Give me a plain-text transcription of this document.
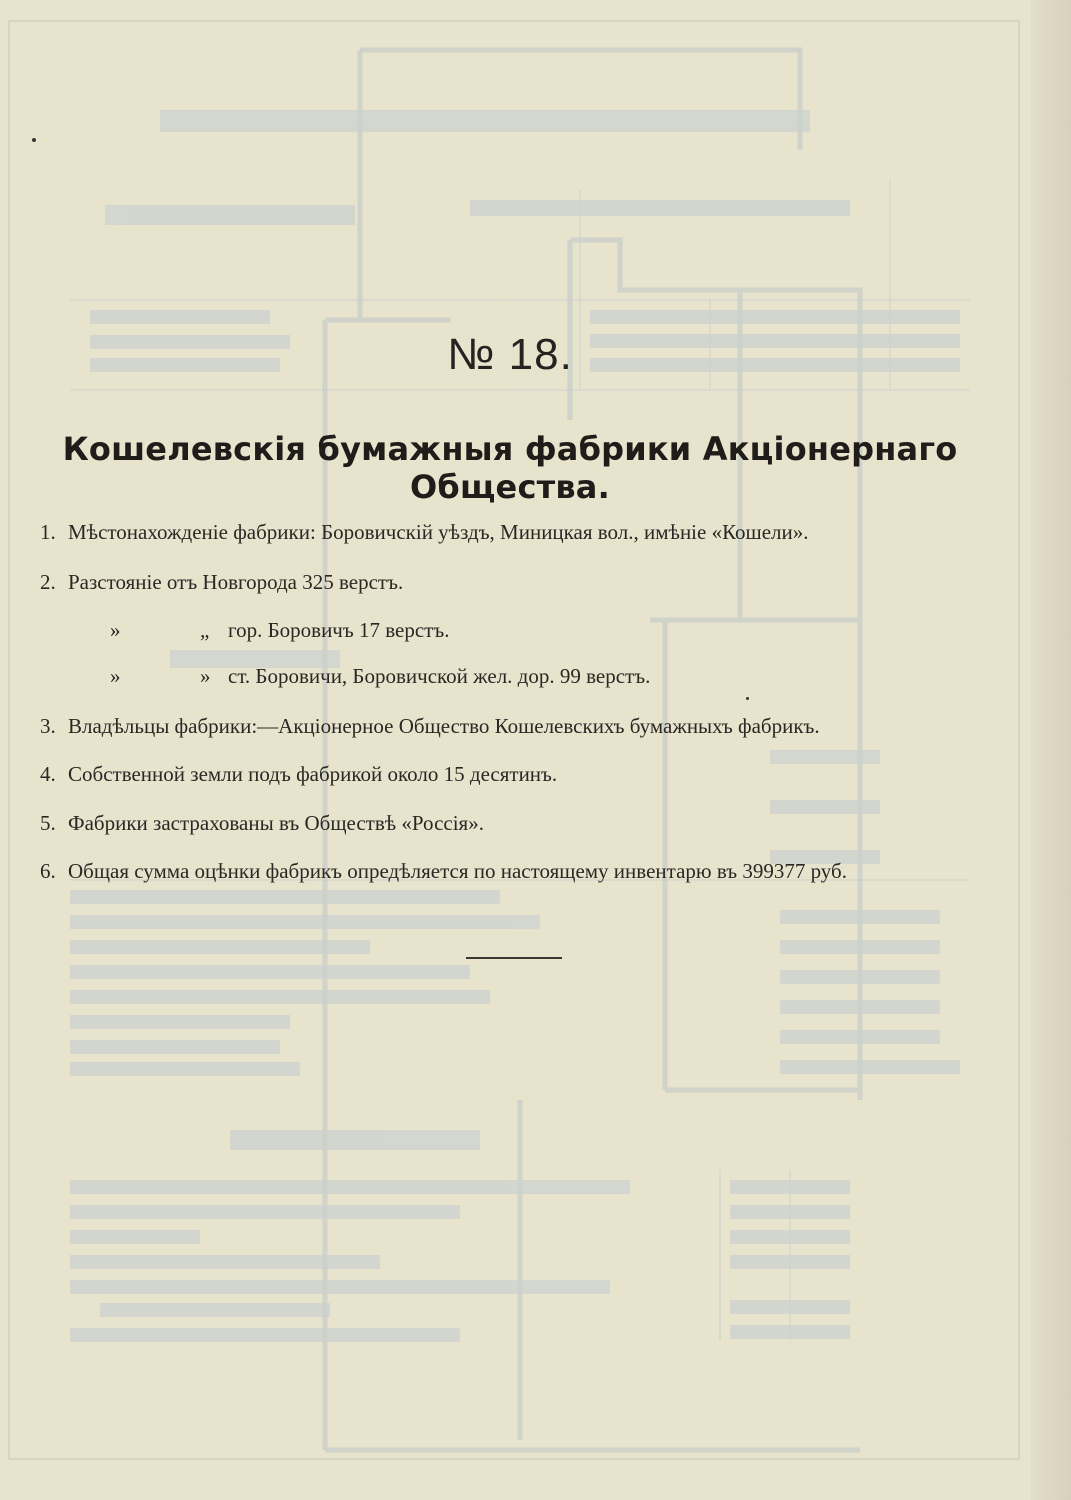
№ 18.
Кошелевскія бумажныя фабрики Акціонернаго Общества.
1. Мѣстонахожденіе фабрики: Боровичскій уѣздъ, Миницкая вол., имѣніе «Кошели».
2. Разстояніе отъ Новгорода 325 верстъ.
»	„ гор. Боровичъ 17 верстъ.
»	» ст. Боровичи, Боровичской жел. дор. 99 верстъ.
3. Владѣльцы фабрики:—Акціонерное Общество Кошелевскихъ бумажныхъ фабрикъ.
4. Собственной земли подъ фабрикой около 15 десятинъ.
5. Фабрики застрахованы въ Обществѣ «Россія».
6. Общая сумма оцѣнки фабрикъ опредѣляется по настоящему инвентарю въ 399377 руб.
